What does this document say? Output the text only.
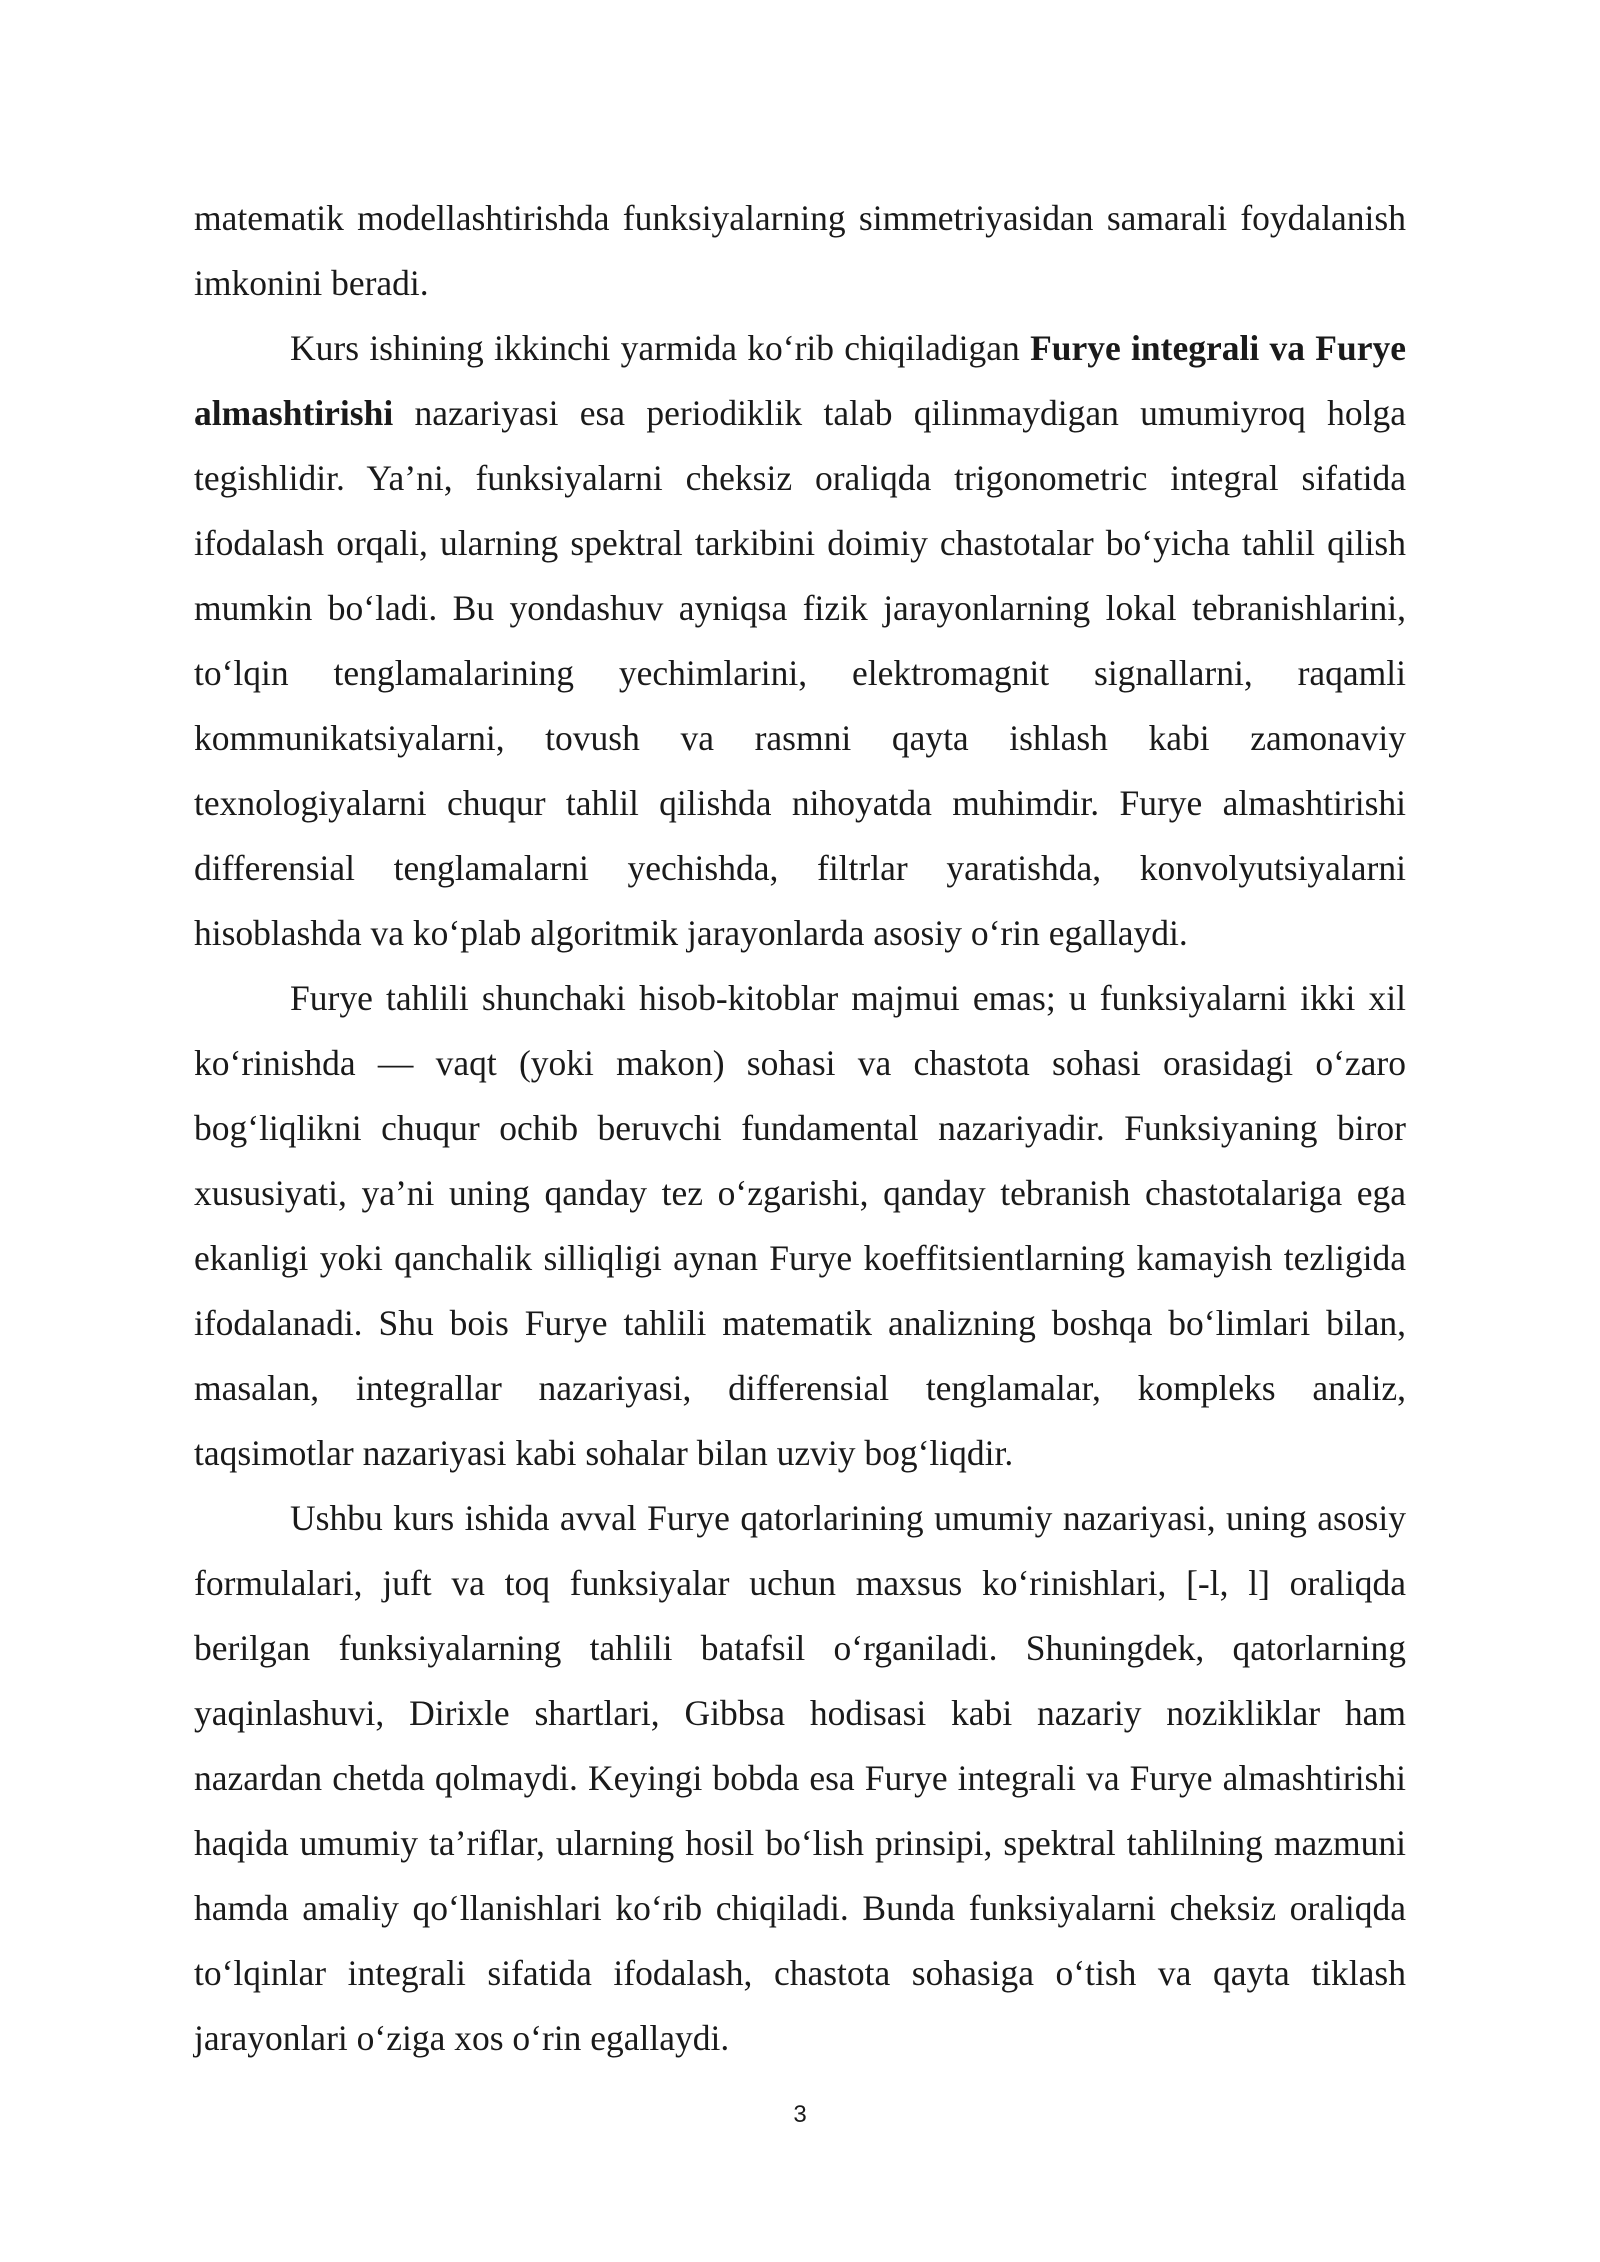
matematik modellashtirishda funksiyalarning simmetriyasidan samarali foydalanish imkonini beradi.

Kurs ishining ikkinchi yarmida koʻrib chiqiladigan Furye integrali va Furye almashtirishi nazariyasi esa periodiklik talab qilinmaydigan umumiyroq holga tegishlidir. Ya’ni, funksiyalarni cheksiz oraliqda trigonometric integral sifatida ifodalash orqali, ularning spektral tarkibini doimiy chastotalar boʻyicha tahlil qilish mumkin boʻladi. Bu yondashuv ayniqsa fizik jarayonlarning lokal tebranishlarini, toʻlqin tenglamalarining yechimlarini, elektromagnit signallarni, raqamli kommunikatsiyalarni, tovush va rasmni qayta ishlash kabi zamonaviy texnologiyalarni chuqur tahlil qilishda nihoyatda muhimdir. Furye almashtirishi differensial tenglamalarni yechishda, filtrlar yaratishda, konvolyutsiyalarni hisoblashda va koʻplab algoritmik jarayonlarda asosiy oʻrin egallaydi.

Furye tahlili shunchaki hisob-kitoblar majmui emas; u funksiyalarni ikki xil koʻrinishda — vaqt (yoki makon) sohasi va chastota sohasi orasidagi oʻzaro bogʻliqlikni chuqur ochib beruvchi fundamental nazariyadir. Funksiyaning biror xususiyati, ya’ni uning qanday tez oʻzgarishi, qanday tebranish chastotalariga ega ekanligi yoki qanchalik silliqligi aynan Furye koeffitsientlarning kamayish tezligida ifodalanadi. Shu bois Furye tahlili matematik analizning boshqa boʻlimlari bilan, masalan, integrallar nazariyasi, differensial tenglamalar, kompleks analiz, taqsimotlar nazariyasi kabi sohalar bilan uzviy bogʻliqdir.

Ushbu kurs ishida avval Furye qatorlarining umumiy nazariyasi, uning asosiy formulalari, juft va toq funksiyalar uchun maxsus koʻrinishlari, [-l, l] oraliqda berilgan funksiyalarning tahlili batafsil oʻrganiladi. Shuningdek, qatorlarning yaqinlashuvi, Dirixle shartlari, Gibbsa hodisasi kabi nazariy nozikliklar ham nazardan chetda qolmaydi. Keyingi bobda esa Furye integrali va Furye almashtirishi haqida umumiy ta’riflar, ularning hosil boʻlish prinsipi, spektral tahlilning mazmuni hamda amaliy qoʻllanishlari koʻrib chiqiladi. Bunda funksiyalarni cheksiz oraliqda toʻlqinlar integrali sifatida ifodalash, chastota sohasiga oʻtish va qayta tiklash jarayonlari oʻziga xos oʻrin egallaydi.

3
